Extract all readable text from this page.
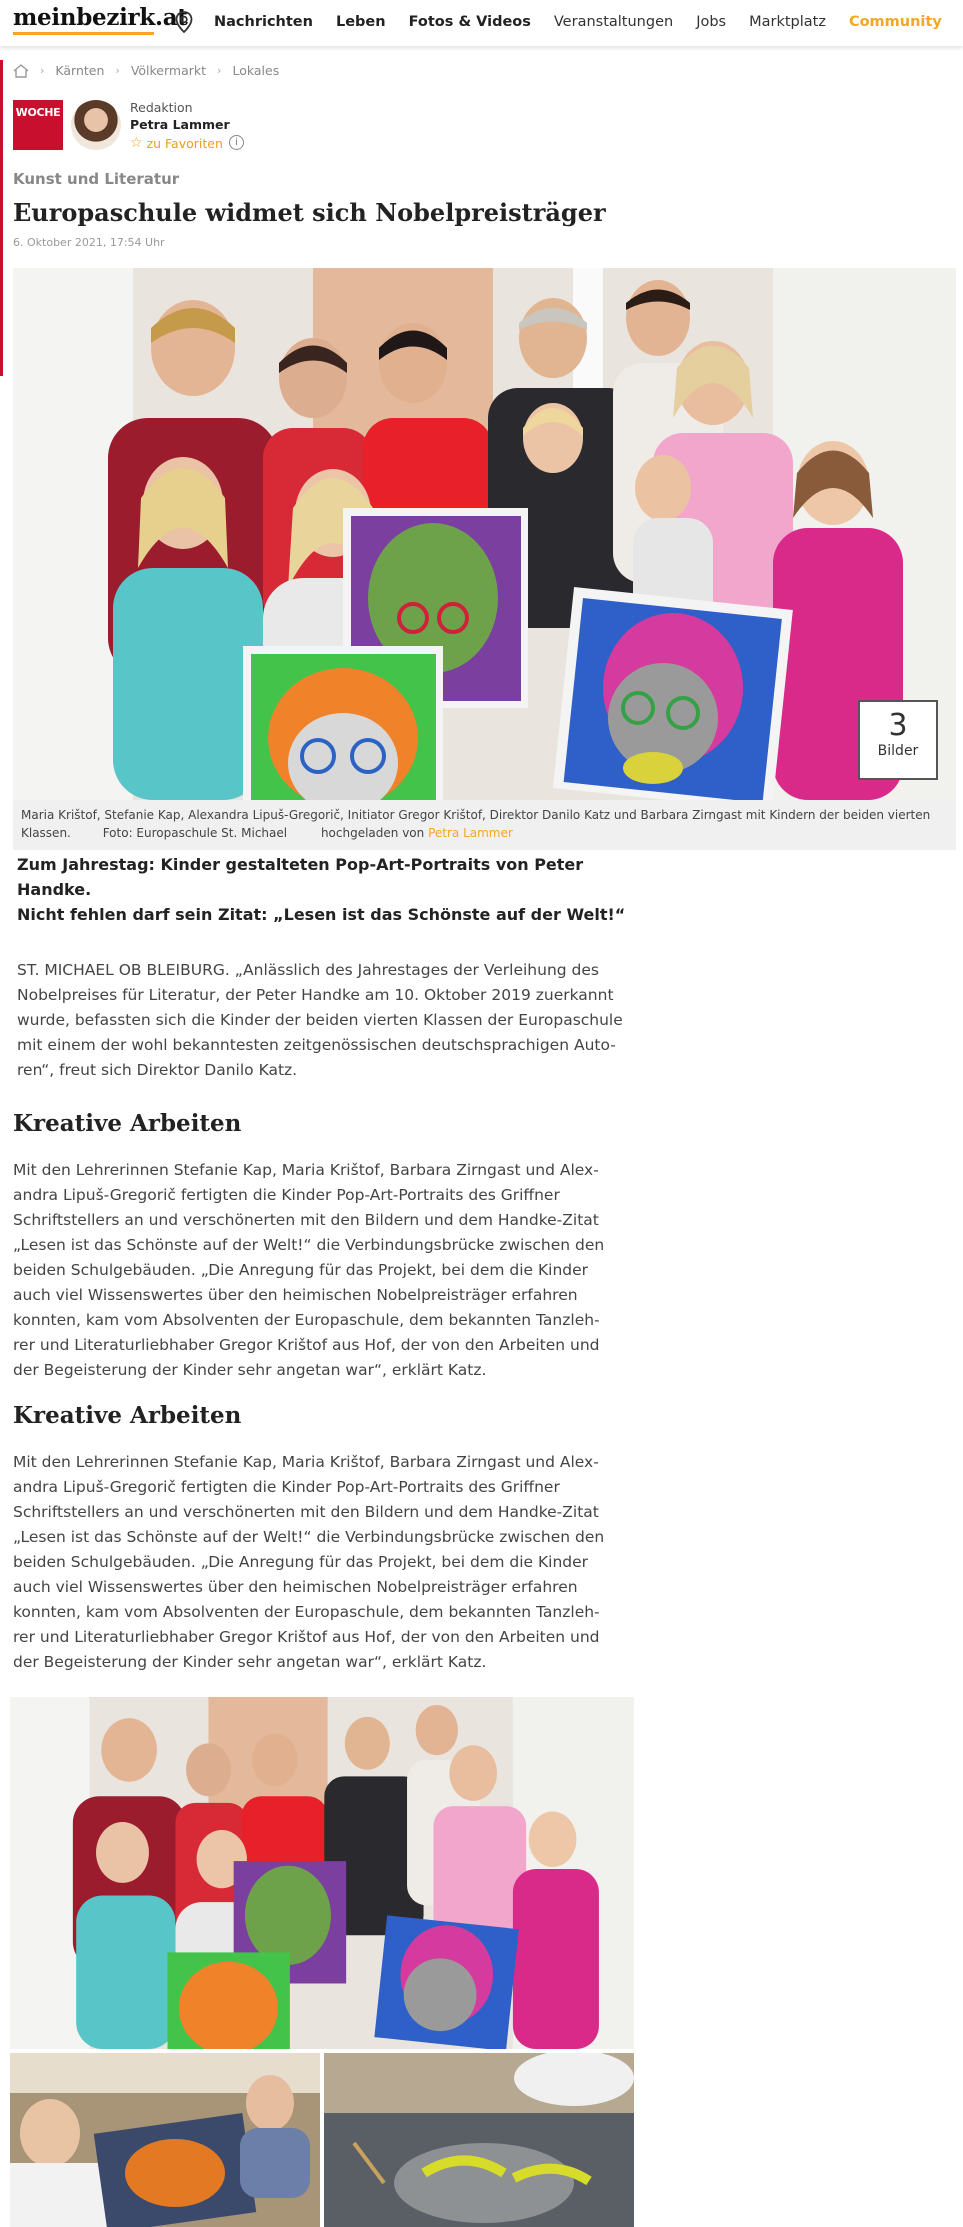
meinbezirk.at Nachrichten Leben Fotos & Videos Veranstaltungen Jobs Marktplatz Community
› Kärnten › Völkermarkt › Lokales
WOCHE	Redaktion
Petra Lammer
☆ zu Favoriten	i
Kunst und Literatur
Europaschule widmet sich Nobelpreisträger
6. Oktober 2021, 17:54 Uhr
3
Bilder
Maria Krištof, Stefanie Kap, Alexandra Lipuš-Gregorič, Initiator Gregor Krištof, Direktor Danilo Katz und Barbara Zirngast mit Kindern der beiden vierten Klassen.	Foto: Europaschule St. Michael	hochgeladen von Petra Lammer
Zum Jahrestag: Kinder gestalteten Pop-Art-Portraits von Peter Handke.
Nicht fehlen darf sein Zitat: „Lesen ist das Schönste auf der Welt!“
ST. MICHAEL OB BLEIBURG. „Anlässlich des Jahrestages der Verleihung des
Nobelpreises für Literatur, der Peter Handke am 10. Oktober 2019 zuerkannt
wurde, befassten sich die Kinder der beiden vierten Klassen der Europaschule
mit einem der wohl bekanntesten zeitgenössischen deutschsprachigen Auto-
ren“, freut sich Direktor Danilo Katz.
Kreative Arbeiten
Mit den Lehrerinnen Stefanie Kap, Maria Krištof, Barbara Zirngast und Alex-
andra Lipuš-Gregorič fertigten die Kinder Pop-Art-Portraits des Griffner
Schriftstellers an und verschönerten mit den Bildern und dem Handke-Zitat
„Lesen ist das Schönste auf der Welt!“ die Verbindungsbrücke zwischen den
beiden Schulgebäuden. „Die Anregung für das Projekt, bei dem die Kinder
auch viel Wissenswertes über den heimischen Nobelpreisträger erfahren
konnten, kam vom Absolventen der Europaschule, dem bekannten Tanzleh-
rer und Literaturliebhaber Gregor Krištof aus Hof, der von den Arbeiten und
der Begeisterung der Kinder sehr angetan war“, erklärt Katz.
Kreative Arbeiten
Mit den Lehrerinnen Stefanie Kap, Maria Krištof, Barbara Zirngast und Alex-
andra Lipuš-Gregorič fertigten die Kinder Pop-Art-Portraits des Griffner
Schriftstellers an und verschönerten mit den Bildern und dem Handke-Zitat
„Lesen ist das Schönste auf der Welt!“ die Verbindungsbrücke zwischen den
beiden Schulgebäuden. „Die Anregung für das Projekt, bei dem die Kinder
auch viel Wissenswertes über den heimischen Nobelpreisträger erfahren
konnten, kam vom Absolventen der Europaschule, dem bekannten Tanzleh-
rer und Literaturliebhaber Gregor Krištof aus Hof, der von den Arbeiten und
der Begeisterung der Kinder sehr angetan war“, erklärt Katz.
